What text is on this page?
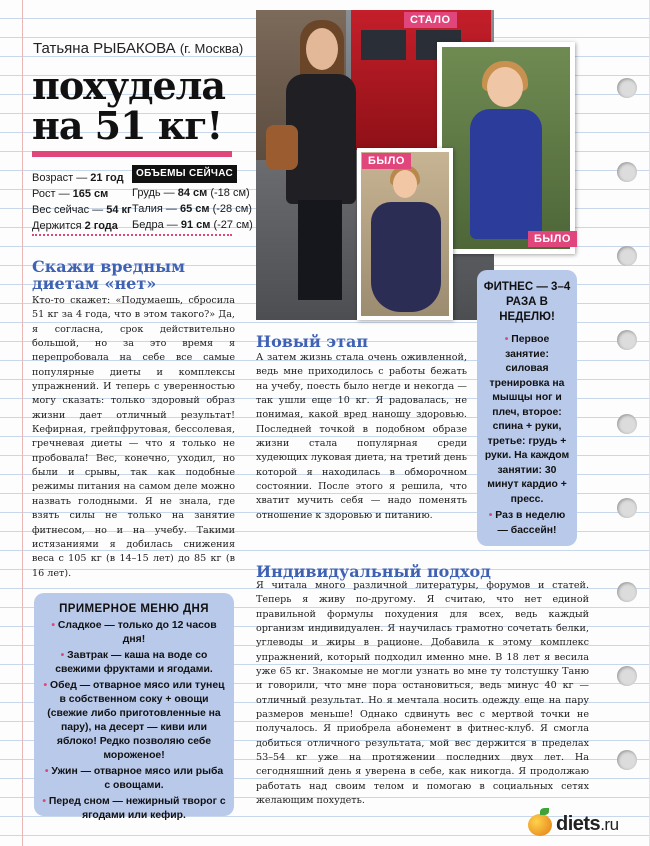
Татьяна РЫБАКОВА (г. Москва)
похудела
на 51 кг!
Возраст — 21 год
Рост — 165 см
Вес сейчас — 54 кг
Держится 2 года
ОБЪЕМЫ СЕЙЧАС
Грудь — 84 см (-18 см)
Талия — 65 см (-28 см)
Бедра — 91 см (-27 см)
Скажи вредным диетам «нет»
Кто-то скажет: «Подумаешь, сбросила 51 кг за 4 года, что в этом такого?» Да, я согласна, срок действительно большой, но за это время я перепробовала на себе все самые популярные диеты и комплексы упражнений. И теперь с уверенностью могу сказать: только здоровый образ жизни дает отличный результат! Кефирная, грейпфрутовая, бессолевая, гречневая диеты — что я только не пробовала! Вес, конечно, уходил, но были и срывы, так как подобные режимы питания на самом деле можно назвать голодными. Я не знала, где взять силы не только на занятие фитнесом, но и на учебу. Такими истязаниями я добилась снижения веса с 105 кг (в 14–15 лет) до 85 кг (в 16 лет).
ПРИМЕРНОЕ МЕНЮ ДНЯ
• Сладкое — только до 12 часов дня!
• Завтрак — каша на воде со свежими фруктами и ягодами.
• Обед — отварное мясо или тунец в собственном соку + овощи (свежие либо приготовленные на пару), на десерт — киви или яблоко! Редко позволяю себе мороженое!
• Ужин — отварное мясо или рыба с овощами.
• Перед сном — нежирный творог с ягодами или кефир.
СТАЛО
БЫЛО
БЫЛО
Новый этап
А затем жизнь стала очень оживленной, ведь мне приходилось с работы бежать на учебу, поесть было негде и некогда — так ушли еще 10 кг. Я радовалась, не понимая, какой вред наношу здоровью. Последней точкой в подобном образе жизни стала популярная среди худеющих луковая диета, на третий день которой я находилась в обморочном состоянии. После этого я решила, что хватит мучить себя — надо поменять отношение к здоровью и питанию.
ФИТНЕС — 3–4 РАЗА В НЕДЕЛЮ!
• Первое занятие: силовая тренировка на мышцы ног и плеч, второе: спина + руки, третье: грудь + руки. На каждом занятии: 30 минут кардио + пресс.
• Раз в неделю — бассейн!
Индивидуальный подход
Я читала много различной литературы, форумов и статей. Теперь я живу по-другому. Я считаю, что нет единой правильной формулы похудения для всех, ведь каждый организм индивидуален. Я научилась грамотно сочетать белки, углеводы и жиры в рационе. Добавила к этому комплекс упражнений, который подходил именно мне. В 18 лет я весила уже 65 кг. Знакомые не могли узнать во мне ту толстушку Таню и говорили, что мне пора остановиться, ведь минус 40 кг — отличный результат. Но я мечтала носить одежду еще на пару размеров меньше! Однако сдвинуть вес с мертвой точки не получалось. Я приобрела абонемент в фитнес-клуб. Я смогла добиться отличного результата, мой вес держится в пределах 53–54 кг уже на протяжении последних двух лет. На сегодняшний день я уверена в себе, как никогда. Я продолжаю работать над своим телом и помогаю в социальных сетях желающим похудеть.
diets.ru
